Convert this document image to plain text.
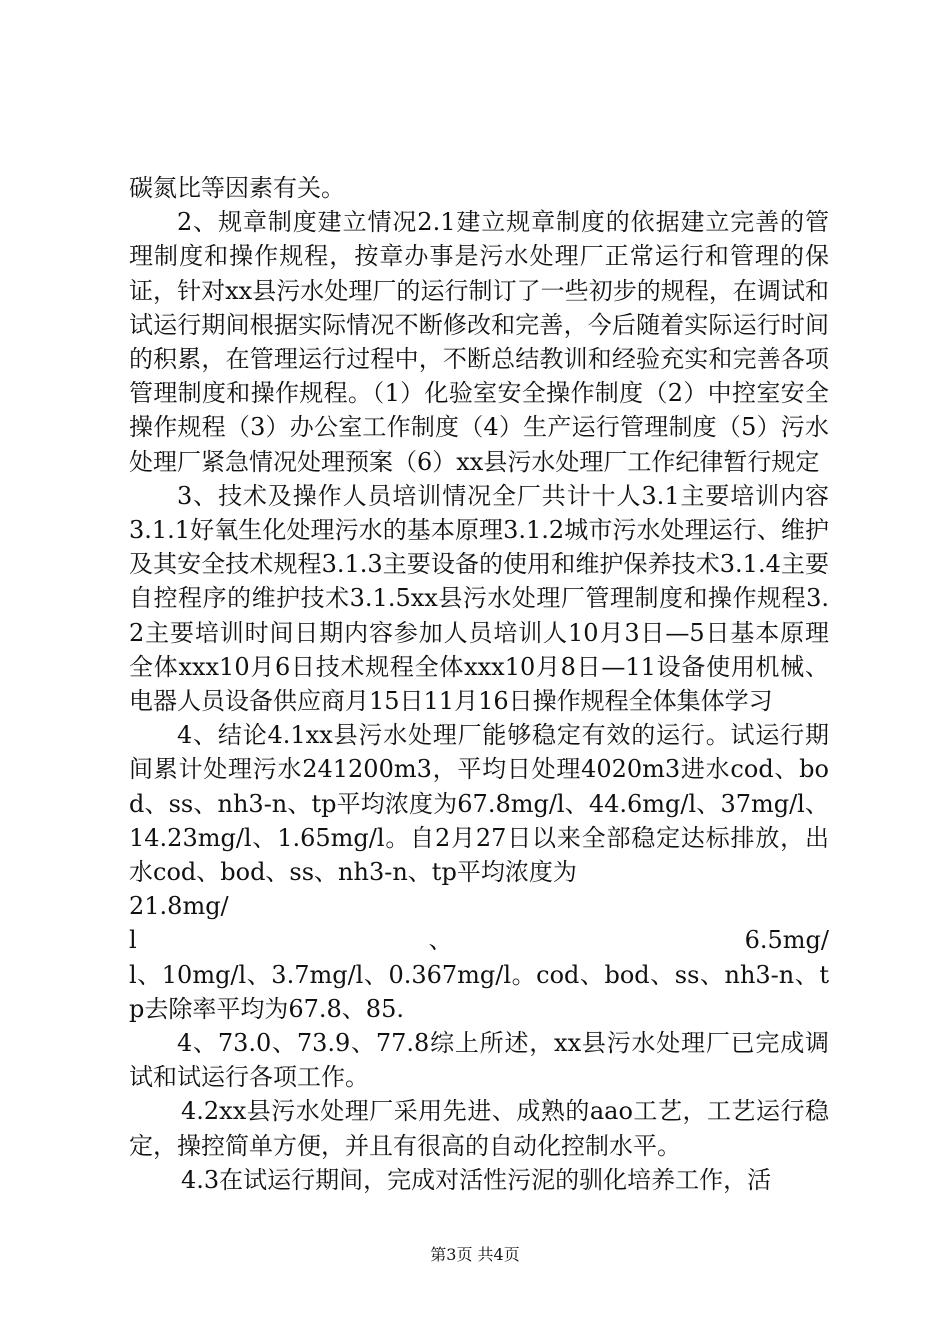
碳氮比等因素有关。

2、规章制度建立情况2.1建立规章制度的依据建立完善的管理制度和操作规程，按章办事是污水处理厂正常运行和管理的保证，针对xx县污水处理厂的运行制订了一些初步的规程，在调试和试运行期间根据实际情况不断修改和完善，今后随着实际运行时间的积累，在管理运行过程中，不断总结教训和经验充实和完善各项管理制度和操作规程。（1）化验室安全操作制度（2）中控室安全操作规程（3）办公室工作制度（4）生产运行管理制度（5）污水处理厂紧急情况处理预案（6）xx县污水处理厂工作纪律暂行规定

3、技术及操作人员培训情况全厂共计十人3.1主要培训内容3.1.1好氧生化处理污水的基本原理3.1.2城市污水处理运行、维护及其安全技术规程3.1.3主要设备的使用和维护保养技术3.1.4主要自控程序的维护技术3.1.5xx县污水处理厂管理制度和操作规程3.2主要培训时间日期内容参加人员培训人10月3日—5日基本原理全体xxx10月6日技术规程全体xxx10月8日—11设备使用机械、电器人员设备供应商月15日11月16日操作规程全体集体学习

4、结论4.1xx县污水处理厂能够稳定有效的运行。试运行期间累计处理污水241200m3，平均日处理4020m3进水cod、bod、ss、nh3-n、tp平均浓度为67.8mg/l、44.6mg/l、37mg/l、14.23mg/l、1.65mg/l。自2月27日以来全部稳定达标排放，出水cod、bod、ss、nh3-n、tp平均浓度为

21.8mg/

l、6.5mg/

l、10mg/l、3.7mg/l、0.367mg/l。cod、bod、ss、nh3-n、tp去除率平均为67.8、85.

4、73.0、73.9、77.8综上所述，xx县污水处理厂已完成调试和试运行各项工作。

4.2xx县污水处理厂采用先进、成熟的aao工艺，工艺运行稳定，操控简单方便，并且有很高的自动化控制水平。

4.3在试运行期间，完成对活性污泥的驯化培养工作，活

第3页 共4页
